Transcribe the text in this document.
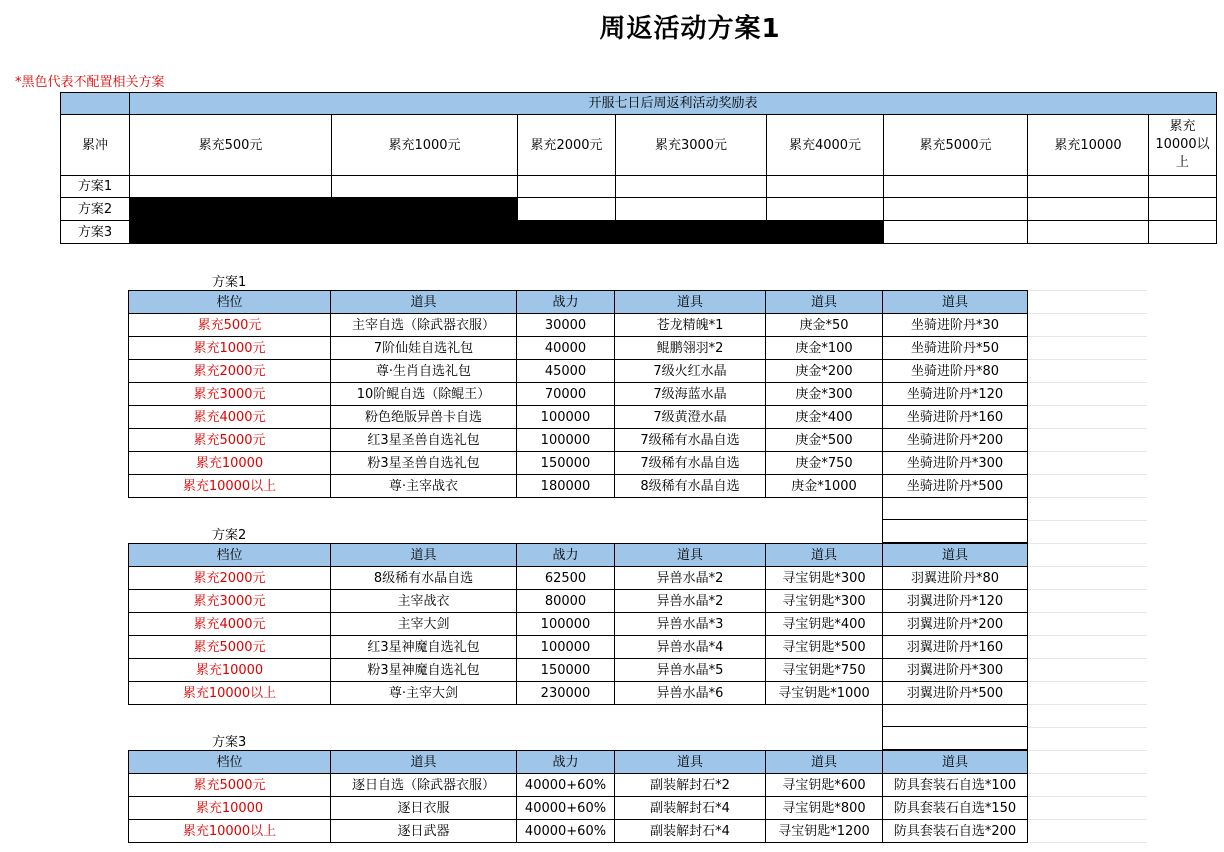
周返活动方案1
*黑色代表不配置相关方案
	开服七日后周返利活动奖励表							
累冲	累充500元	累充1000元	累充2000元	累充3000元	累充4000元	累充5000元	累充10000	累充10000以上
方案1								
方案2								
方案3								
方案1
档位	道具	战力	道具	道具	道具
累充500元	主宰自选（除武器衣服）	30000	苍龙精魄*1	庚金*50	坐骑进阶丹*30
累充1000元	7阶仙娃自选礼包	40000	鲲鹏翎羽*2	庚金*100	坐骑进阶丹*50
累充2000元	尊·生肖自选礼包	45000	7级火红水晶	庚金*200	坐骑进阶丹*80
累充3000元	10阶鲲自选（除鲲王）	70000	7级海蓝水晶	庚金*300	坐骑进阶丹*120
累充4000元	粉色绝版异兽卡自选	100000	7级黄澄水晶	庚金*400	坐骑进阶丹*160
累充5000元	红3星圣兽自选礼包	100000	7级稀有水晶自选	庚金*500	坐骑进阶丹*200
累充10000	粉3星圣兽自选礼包	150000	7级稀有水晶自选	庚金*750	坐骑进阶丹*300
累充10000以上	尊·主宰战衣	180000	8级稀有水晶自选	庚金*1000	坐骑进阶丹*500
方案2
档位	道具	战力	道具	道具	道具
累充2000元	8级稀有水晶自选	62500	异兽水晶*2	寻宝钥匙*300	羽翼进阶丹*80
累充3000元	主宰战衣	80000	异兽水晶*2	寻宝钥匙*300	羽翼进阶丹*120
累充4000元	主宰大剑	100000	异兽水晶*3	寻宝钥匙*400	羽翼进阶丹*200
累充5000元	红3星神魔自选礼包	100000	异兽水晶*4	寻宝钥匙*500	羽翼进阶丹*160
累充10000	粉3星神魔自选礼包	150000	异兽水晶*5	寻宝钥匙*750	羽翼进阶丹*300
累充10000以上	尊·主宰大剑	230000	异兽水晶*6	寻宝钥匙*1000	羽翼进阶丹*500
方案3
档位	道具	战力	道具	道具	道具
累充5000元	逐日自选（除武器衣服）	40000+60%	副装解封石*2	寻宝钥匙*600	防具套装石自选*100
累充10000	逐日衣服	40000+60%	副装解封石*4	寻宝钥匙*800	防具套装石自选*150
累充10000以上	逐日武器	40000+60%	副装解封石*4	寻宝钥匙*1200	防具套装石自选*200
